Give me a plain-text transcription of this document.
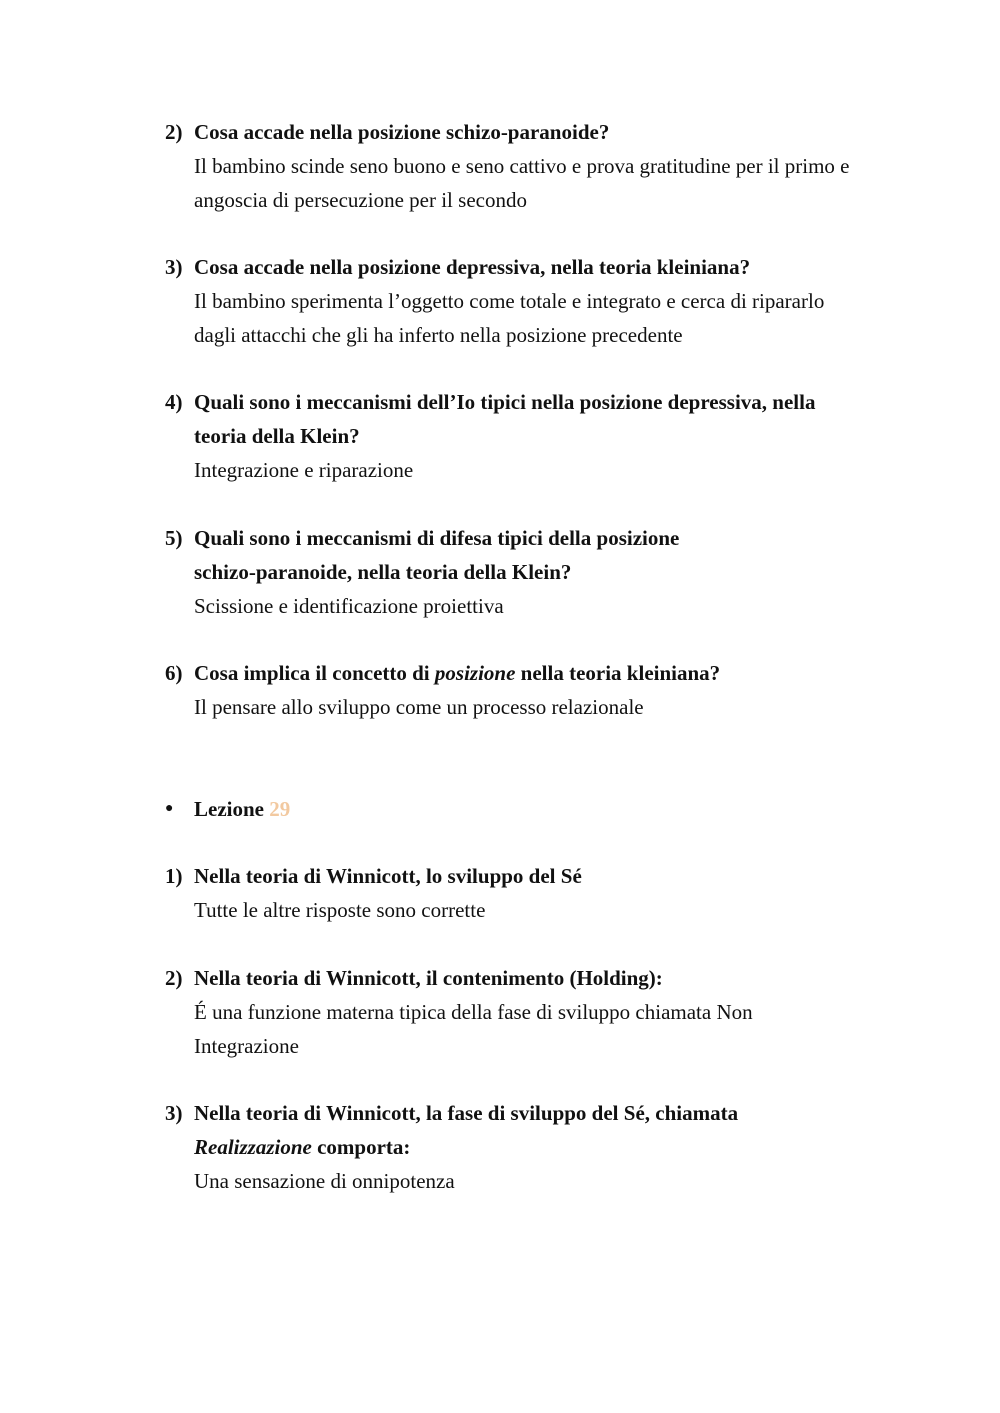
2) Cosa accade nella posizione schizo-paranoide?
Il bambino scinde seno buono e seno cattivo e prova gratitudine per il primo e
angoscia di persecuzione per il secondo
3) Cosa accade nella posizione depressiva, nella teoria kleiniana?
Il bambino sperimenta l’oggetto come totale e integrato e cerca di ripararlo
dagli attacchi che gli ha inferto nella posizione precedente
4) Quali sono i meccanismi dell’Io tipici nella posizione depressiva, nella
teoria della Klein?
Integrazione e riparazione
5) Quali sono i meccanismi di difesa tipici della posizione
schizo-paranoide, nella teoria della Klein?
Scissione e identificazione proiettiva
6) Cosa implica il concetto di posizione nella teoria kleiniana?
Il pensare allo sviluppo come un processo relazionale
● Lezione 29
1) Nella teoria di Winnicott, lo sviluppo del Sé
Tutte le altre risposte sono corrette
2) Nella teoria di Winnicott, il contenimento (Holding):
É una funzione materna tipica della fase di sviluppo chiamata Non
Integrazione
3) Nella teoria di Winnicott, la fase di sviluppo del Sé, chiamata
Realizzazione comporta:
Una sensazione di onnipotenza
